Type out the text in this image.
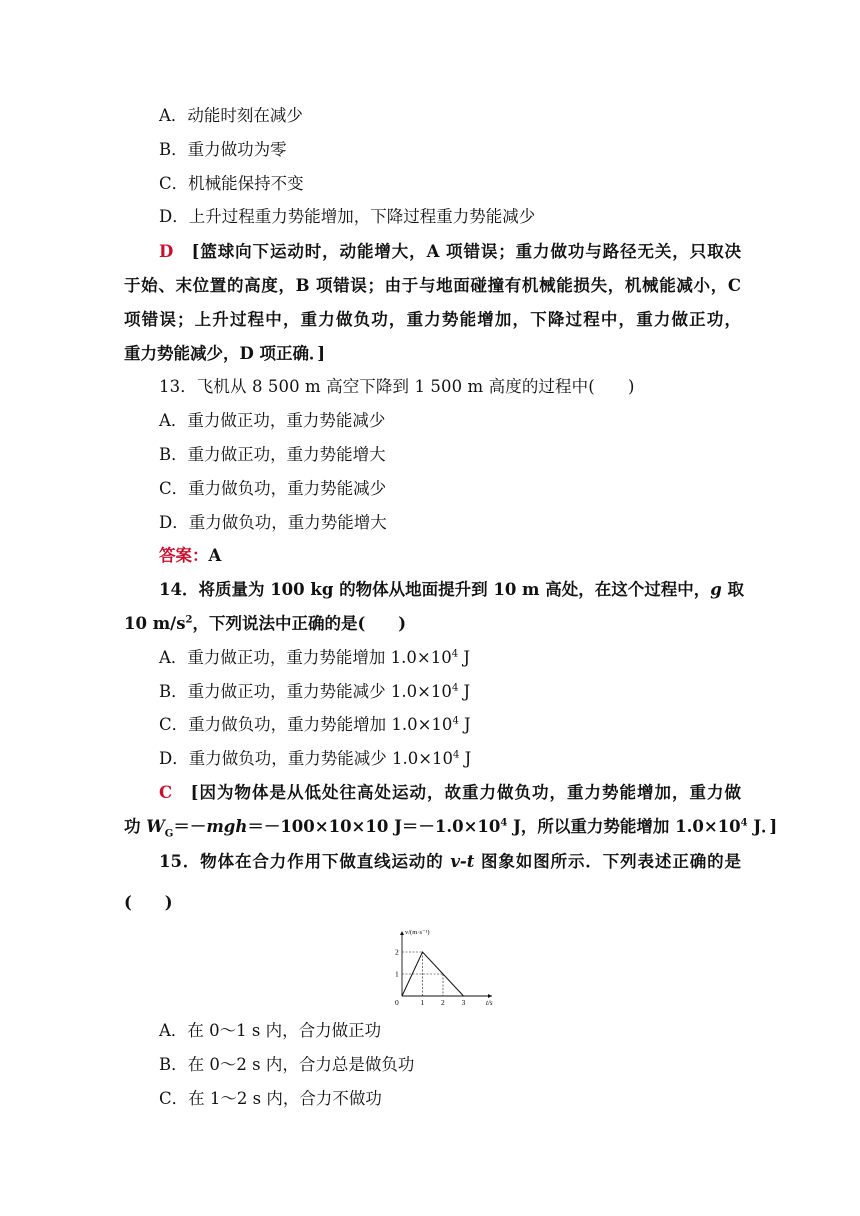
A．动能时刻在减少
B．重力做功为零
C．机械能保持不变
D．上升过程重力势能增加，下降过程重力势能减少
D　 [篮球向下运动时，动能增大，A 项错误；重力做功与路径无关，只取决
于始、末位置的高度，B 项错误；由于与地面碰撞有机械能损失，机械能减小，C
项错误；上升过程中，重力做负功，重力势能增加，下降过程中，重力做正功，
重力势能减少，D 项正确．]
13．飞机从 8 500 m 高空下降到 1 500 m 高度的过程中(　　)
A．重力做正功，重力势能减少
B．重力做正功，重力势能增大
C．重力做负功，重力势能减少
D．重力做负功，重力势能增大
答案：A
14．将质量为 100 kg 的物体从地面提升到 10 m 高处，在这个过程中，g 取
10 $m/s^2$，下列说法中正确的是(　　)
A．重力做正功，重力势能增加 $1.0\times 10^4$ J
B．重力做正功，重力势能减少 $1.0\times 10^4$ J
C．重力做负功，重力势能增加 $1.0\times 10^4$ J
D．重力做负功，重力势能减少 $1.0\times 10^4$ J
C　 [因为物体是从低处往高处运动，故重力做负功，重力势能增加，重力做
功 $W_G=-mgh=-100\times 10\times 10$ $J=-1.0\times 10^4$ J，所以重力势能增加 $1.0\times 10^4$ J．]
15．物体在合力作用下做直线运动的 v-t 图象如图所示．下列表述正确的是
(　　)
v/(m·s⁻¹)
t/s
0	1 2 3
1
2
A．在 0～1 s 内，合力做正功
B．在 0～2 s 内，合力总是做负功
C．在 1～2 s 内，合力不做功
